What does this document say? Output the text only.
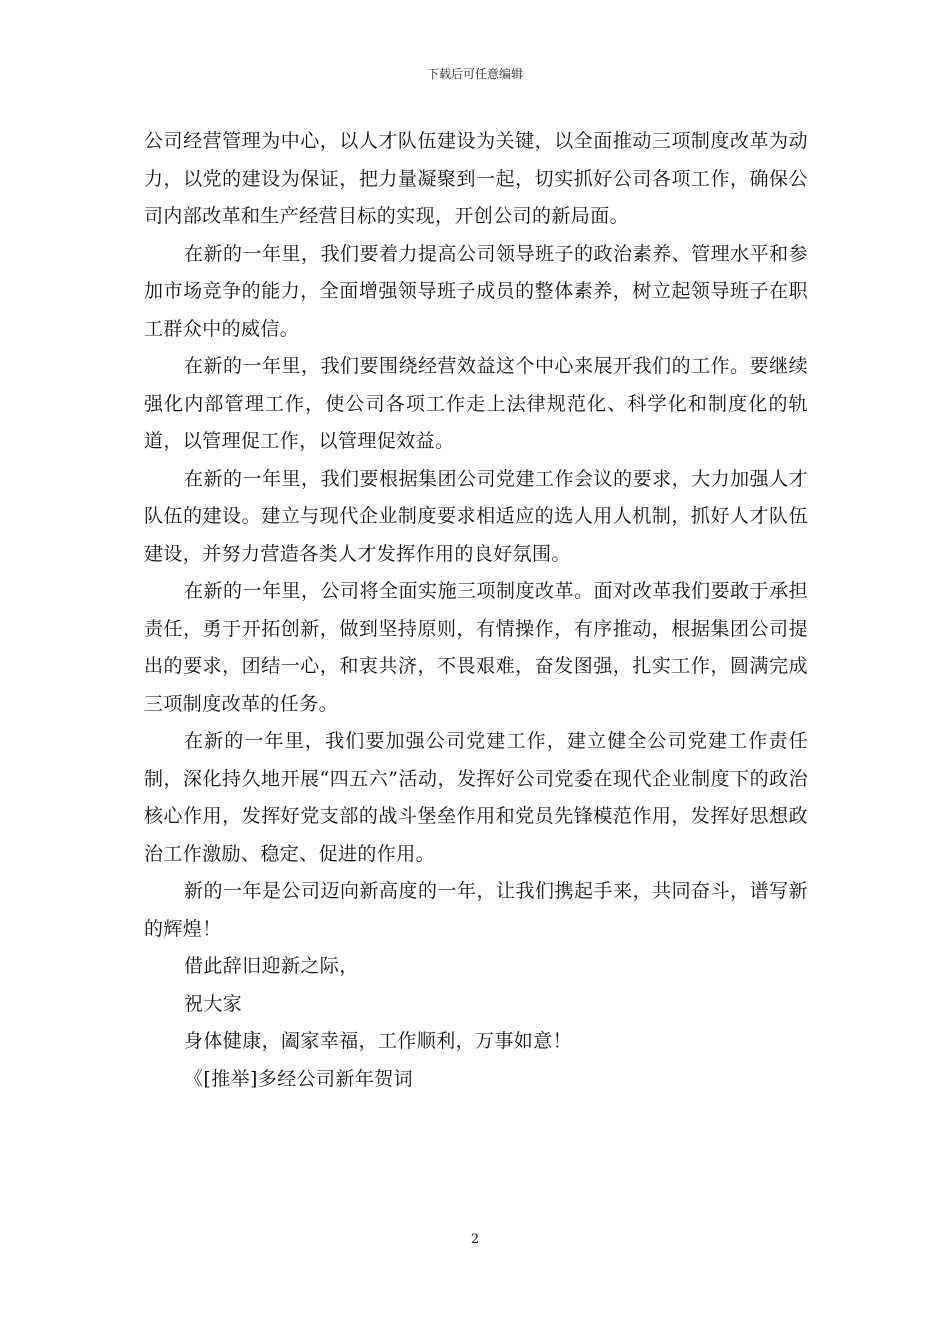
下载后可任意编辑

公司经营管理为中心，以人才队伍建设为关键，以全面推动三项制度改革为动力，以党的建设为保证，把力量凝聚到一起，切实抓好公司各项工作，确保公司内部改革和生产经营目标的实现，开创公司的新局面。

在新的一年里，我们要着力提高公司领导班子的政治素养、管理水平和参加市场竞争的能力，全面增强领导班子成员的整体素养，树立起领导班子在职工群众中的威信。

在新的一年里，我们要围绕经营效益这个中心来展开我们的工作。要继续强化内部管理工作，使公司各项工作走上法律规范化、科学化和制度化的轨道，以管理促工作，以管理促效益。

在新的一年里，我们要根据集团公司党建工作会议的要求，大力加强人才队伍的建设。建立与现代企业制度要求相适应的选人用人机制，抓好人才队伍建设，并努力营造各类人才发挥作用的良好氛围。

在新的一年里，公司将全面实施三项制度改革。面对改革我们要敢于承担责任，勇于开拓创新，做到坚持原则，有情操作，有序推动，根据集团公司提出的要求，团结一心，和衷共济，不畏艰难，奋发图强，扎实工作，圆满完成三项制度改革的任务。

在新的一年里，我们要加强公司党建工作，建立健全公司党建工作责任制，深化持久地开展“四五六”活动，发挥好公司党委在现代企业制度下的政治核心作用，发挥好党支部的战斗堡垒作用和党员先锋模范作用，发挥好思想政治工作激励、稳定、促进的作用。

新的一年是公司迈向新高度的一年，让我们携起手来，共同奋斗，谱写新的辉煌！

借此辞旧迎新之际，

祝大家

身体健康，阖家幸福，工作顺利，万事如意！

《[推举]多经公司新年贺词

2
